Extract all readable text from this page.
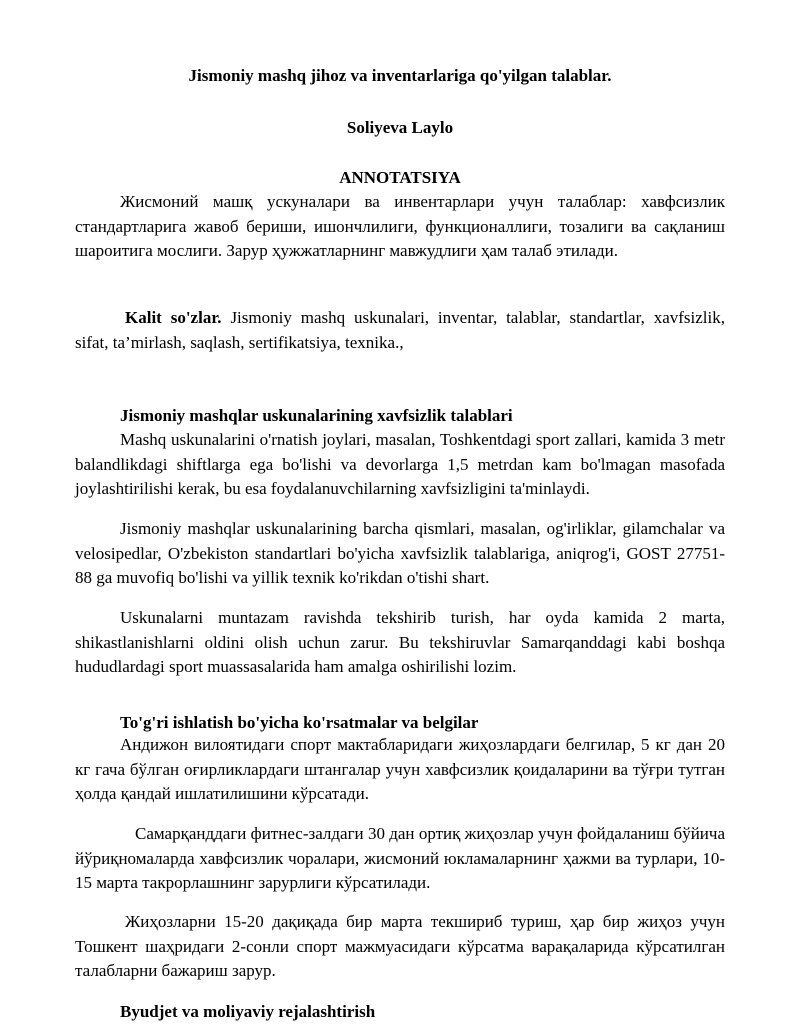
Jismoniy mashq jihoz va inventarlariga qo'yilgan talablar.
Soliyeva Laylo
ANNOTATSIYA
Жисмоний машқ ускуналари ва инвентарлари учун талаблар: хавфсизлик стандартларига жавоб бериши, ишончлилиги, функционаллиги, тозалиги ва сақланиш шароитига мослиги. Зарур ҳужжатларнинг мавжудлиги ҳам талаб этилади.
Kalit so'zlar. Jismoniy mashq uskunalari, inventar, talablar, standartlar, xavfsizlik, sifat, ta’mirlash, saqlash, sertifikatsiya, texnika.,
Jismoniy mashqlar uskunalarining xavfsizlik talablari
Mashq uskunalarini o'rnatish joylari, masalan, Toshkentdagi sport zallari, kamida 3 metr balandlikdagi shiftlarga ega bo'lishi va devorlarga 1,5 metrdan kam bo'lmagan masofada joylashtirilishi kerak, bu esa foydalanuvchilarning xavfsizligini ta'minlaydi.
Jismoniy mashqlar uskunalarining barcha qismlari, masalan, og'irliklar, gilamchalar va velosipedlar, O'zbekiston standartlari bo'yicha xavfsizlik talablariga, aniqrog'i, GOST 27751-88 ga muvofiq bo'lishi va yillik texnik ko'rikdan o'tishi shart.
Uskunalarni muntazam ravishda tekshirib turish, har oyda kamida 2 marta, shikastlanishlarni oldini olish uchun zarur. Bu tekshiruvlar Samarqanddagi kabi boshqa hududlardagi sport muassasalarida ham amalga oshirilishi lozim.
To'g'ri ishlatish bo'yicha ko'rsatmalar va belgilar
Андижон вилоятидаги спорт мактабларидаги жиҳозлардаги белгилар, 5 кг дан 20 кг гача бўлган оғирликлардаги штангалар учун хавфсизлик қоидаларини ва тўғри тутган ҳолда қандай ишлатилишини кўрсатади.
Самарқанддаги фитнес-залдаги 30 дан ортиқ жиҳозлар учун фойдаланиш бўйича йўриқномаларда хавфсизлик чоралари, жисмоний юкламаларнинг ҳажми ва турлари, 10-15 марта такрорлашнинг зарурлиги кўрсатилади.
Жиҳозларни 15-20 дақиқада бир марта текшириб туриш, ҳар бир жиҳоз учун Тошкент шаҳридаги 2-сонли спорт мажмуасидаги кўрсатма варақаларида кўрсатилган талабларни бажариш зарур.
Byudjet va moliyaviy rejalashtirish
